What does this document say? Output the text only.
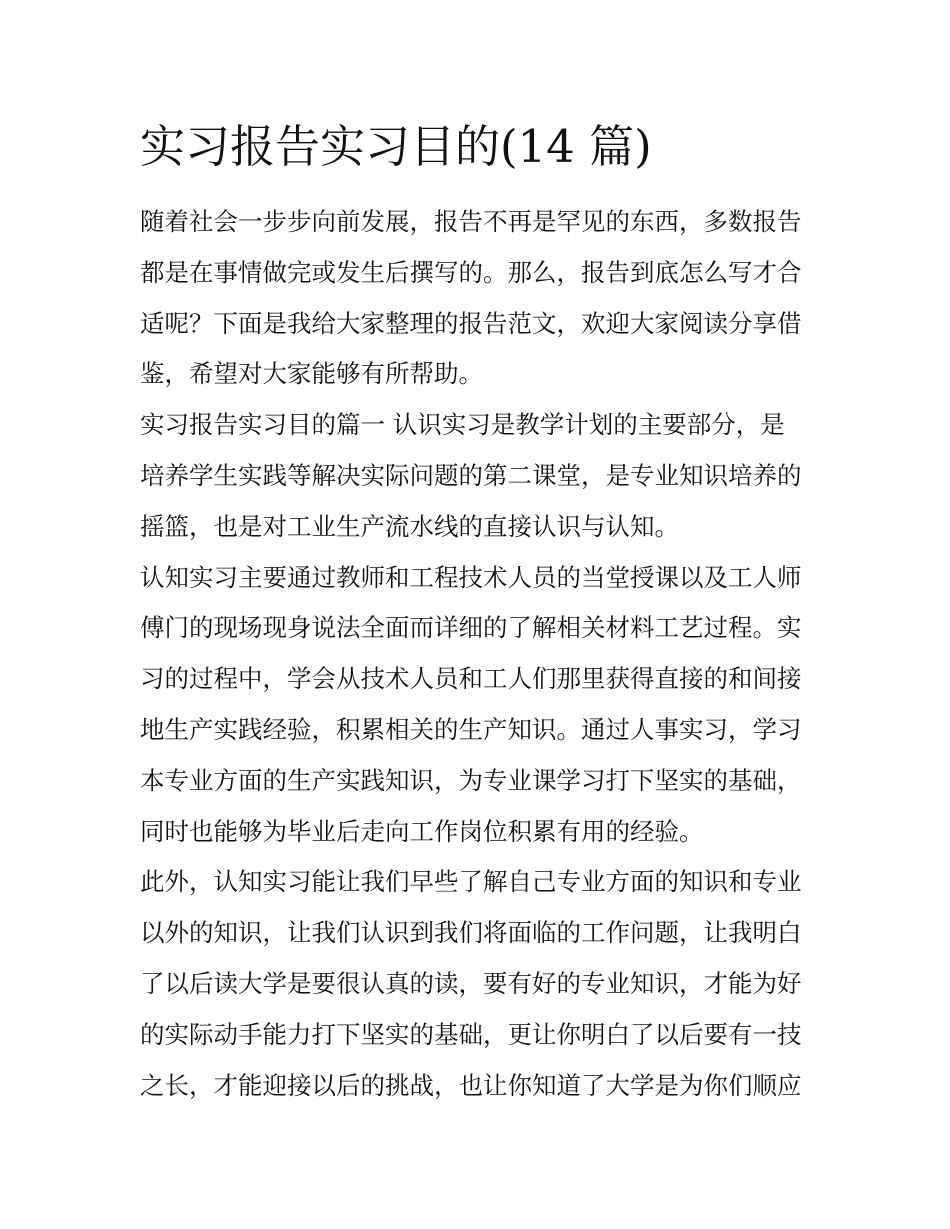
实习报告实习目的(14 篇)

随着社会一步步向前发展，报告不再是罕见的东西，多数报告

都是在事情做完或发生后撰写的。那么，报告到底怎么写才合

适呢？下面是我给大家整理的报告范文，欢迎大家阅读分享借

鉴，希望对大家能够有所帮助。

实习报告实习目的篇一 认识实习是教学计划的主要部分，是

培养学生实践等解决实际问题的第二课堂，是专业知识培养的

摇篮，也是对工业生产流水线的直接认识与认知。

认知实习主要通过教师和工程技术人员的当堂授课以及工人师

傅门的现场现身说法全面而详细的了解相关材料工艺过程。实

习的过程中，学会从技术人员和工人们那里获得直接的和间接

地生产实践经验，积累相关的生产知识。通过人事实习，学习

本专业方面的生产实践知识，为专业课学习打下坚实的基础，

同时也能够为毕业后走向工作岗位积累有用的经验。

此外，认知实习能让我们早些了解自己专业方面的知识和专业

以外的知识，让我们认识到我们将面临的工作问题，让我明白

了以后读大学是要很认真的读，要有好的专业知识，才能为好

的实际动手能力打下坚实的基础，更让你明白了以后要有一技

之长，才能迎接以后的挑战，也让你知道了大学是为你们顺应
